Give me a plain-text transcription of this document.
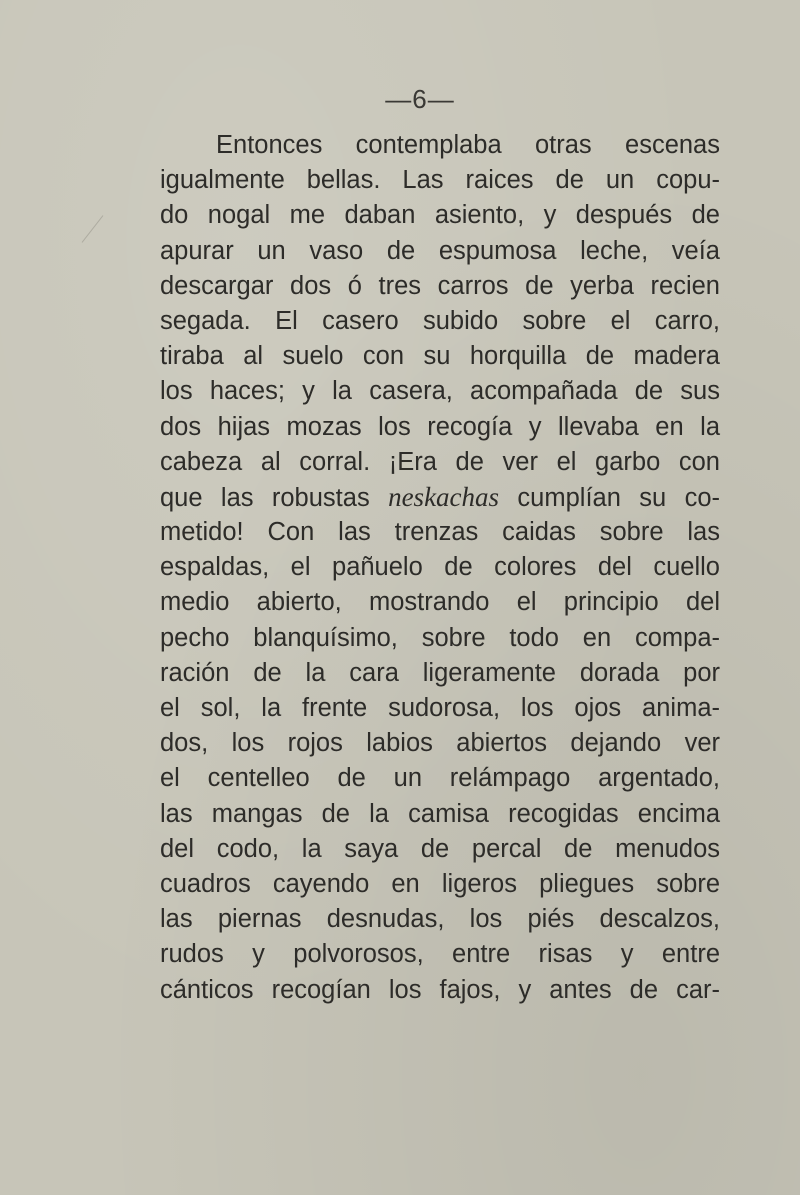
—6—
Entonces contemplaba otras escenas
igualmente bellas. Las raices de un copu-
do nogal me daban asiento, y después de
apurar un vaso de espumosa leche, veía
descargar dos ó tres carros de yerba recien
segada. El casero subido sobre el carro,
tiraba al suelo con su horquilla de madera
los haces; y la casera, acompañada de sus
dos hijas mozas los recogía y llevaba en la
cabeza al corral. ¡Era de ver el garbo con
que las robustas neskachas cumplían su co-
metido! Con las trenzas caidas sobre las
espaldas, el pañuelo de colores del cuello
medio abierto, mostrando el principio del
pecho blanquísimo, sobre todo en compa-
ración de la cara ligeramente dorada por
el sol, la frente sudorosa, los ojos anima-
dos, los rojos labios abiertos dejando ver
el centelleo de un relámpago argentado,
las mangas de la camisa recogidas encima
del codo, la saya de percal de menudos
cuadros cayendo en ligeros pliegues sobre
las piernas desnudas, los piés descalzos,
rudos y polvorosos, entre risas y entre
cánticos recogían los fajos, y antes de car-
